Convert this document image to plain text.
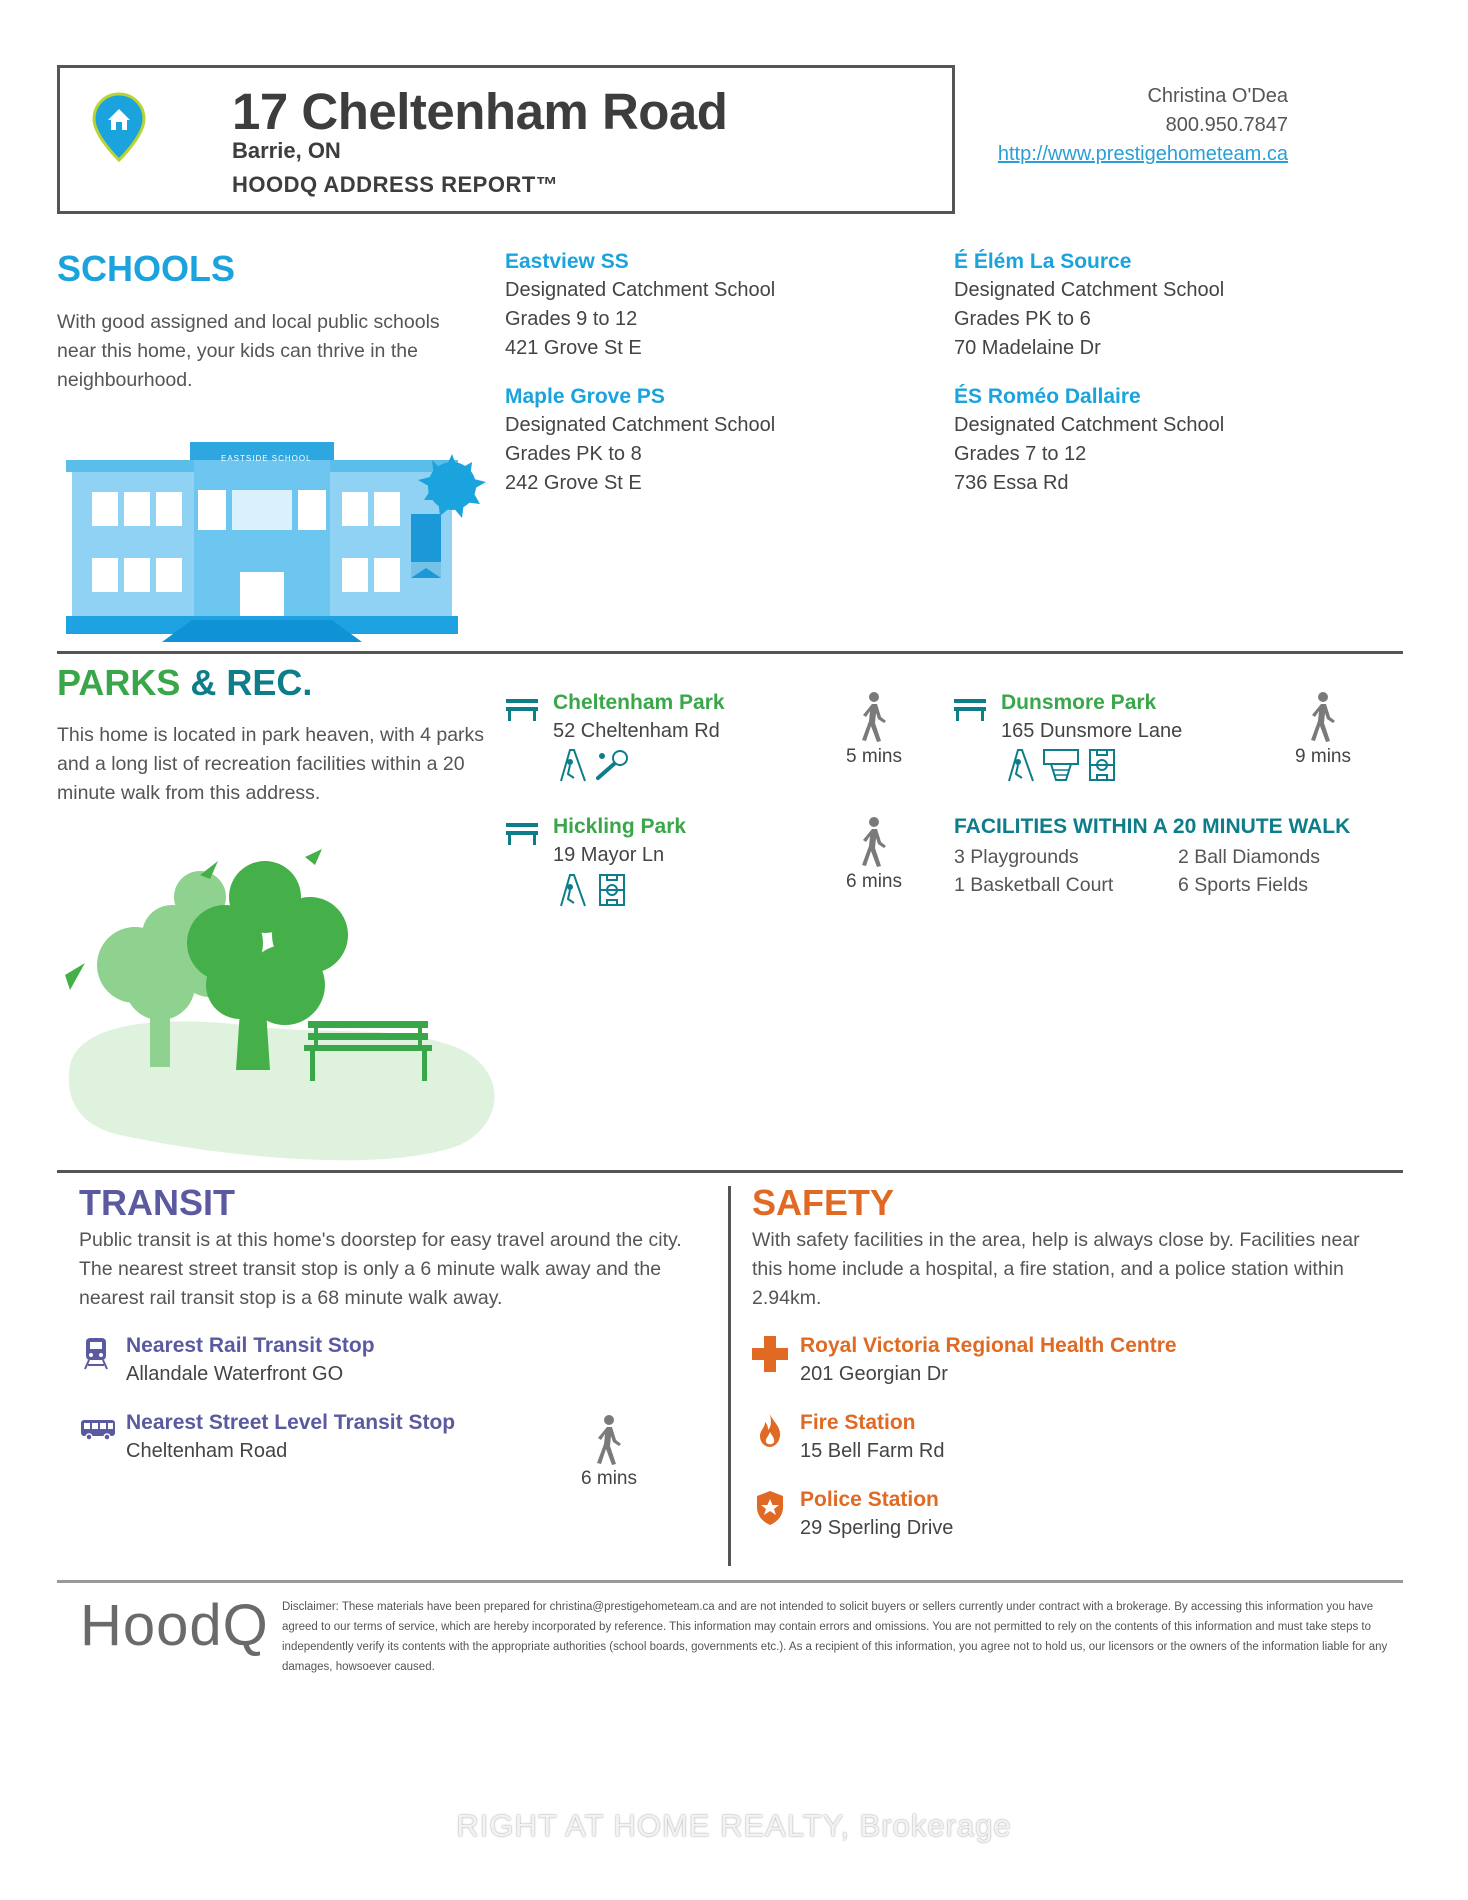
17 Cheltenham Road
Barrie, ON
HOODQ ADDRESS REPORT™
Christina O'Dea
800.950.7847
http://www.prestigehometeam.ca
SCHOOLS
With good assigned and local public schools near this home, your kids can thrive in the neighbourhood.
EASTSIDE SCHOOL
Eastview SS
Designated Catchment School
Grades 9 to 12
421 Grove St E
É Élém La Source
Designated Catchment School
Grades PK to 6
70 Madelaine Dr
Maple Grove PS
Designated Catchment School
Grades PK to 8
242 Grove St E
ÉS Roméo Dallaire
Designated Catchment School
Grades 7 to 12
736 Essa Rd
PARKS & REC.
This home is located in park heaven, with 4 parks and a long list of recreation facilities within a 20 minute walk from this address.
Cheltenham Park
52 Cheltenham Rd
5 mins
Dunsmore Park
165 Dunsmore Lane
9 mins
Hickling Park
19 Mayor Ln
6 mins
FACILITIES WITHIN A 20 MINUTE WALK
3 Playgrounds	2 Ball Diamonds
1 Basketball Court	6 Sports Fields
TRANSIT
Public transit is at this home's doorstep for easy travel around the city. The nearest street transit stop is only a 6 minute walk away and the nearest rail transit stop is a 68 minute walk away.
Nearest Rail Transit Stop
Allandale Waterfront GO
Nearest Street Level Transit Stop
Cheltenham Road
6 mins
SAFETY
With safety facilities in the area, help is always close by. Facilities near this home include a hospital, a fire station, and a police station within 2.94km.
Royal Victoria Regional Health Centre
201 Georgian Dr
Fire Station
15 Bell Farm Rd
Police Station
29 Sperling Drive
HoodQ Disclaimer: These materials have been prepared for christina@prestigehometeam.ca and are not intended to solicit buyers or sellers currently under contract with a brokerage. By accessing this information you have agreed to our terms of service, which are hereby incorporated by reference. This information may contain errors and omissions. You are not permitted to rely on the contents of this information and must take steps to independently verify its contents with the appropriate authorities (school boards, governments etc.). As a recipient of this information, you agree not to hold us, our licensors or the owners of the information liable for any damages, howsoever caused.
RIGHT AT HOME REALTY, Brokerage
